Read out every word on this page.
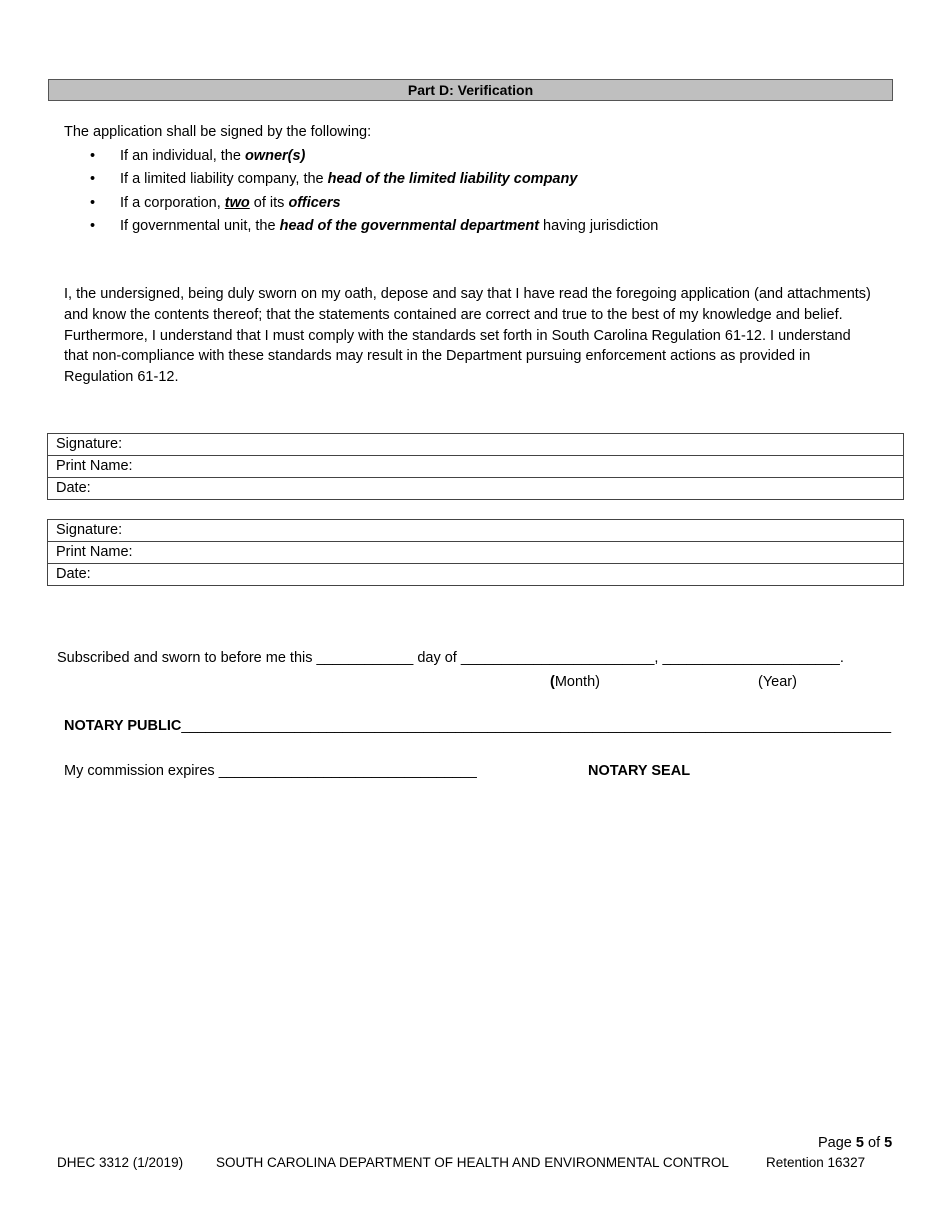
Part D: Verification
The application shall be signed by the following:
• If an individual, the owner(s)
• If a limited liability company, the head of the limited liability company
• If a corporation, two of its officers
• If governmental unit, the head of the governmental department having jurisdiction
I, the undersigned, being duly sworn on my oath, depose and say that I have read the foregoing application (and attachments) and know the contents thereof; that the statements contained are correct and true to the best of my knowledge and belief. Furthermore, I understand that I must comply with the standards set forth in South Carolina Regulation 61-12. I understand that non-compliance with these standards may result in the Department pursuing enforcement actions as provided in Regulation 61-12.
Signature:
Print Name:
Date:
Signature:
Print Name:
Date:
Subscribed and sworn to before me this ____________ day of ________________________, ______________________.
(Month)	(Year)
NOTARY PUBLIC________________________________________________________________________________________
My commission expires ________________________________	NOTARY SEAL
Page 5 of 5
DHEC 3312 (1/2019) SOUTH CAROLINA DEPARTMENT OF HEALTH AND ENVIRONMENTAL CONTROL	Retention 16327
